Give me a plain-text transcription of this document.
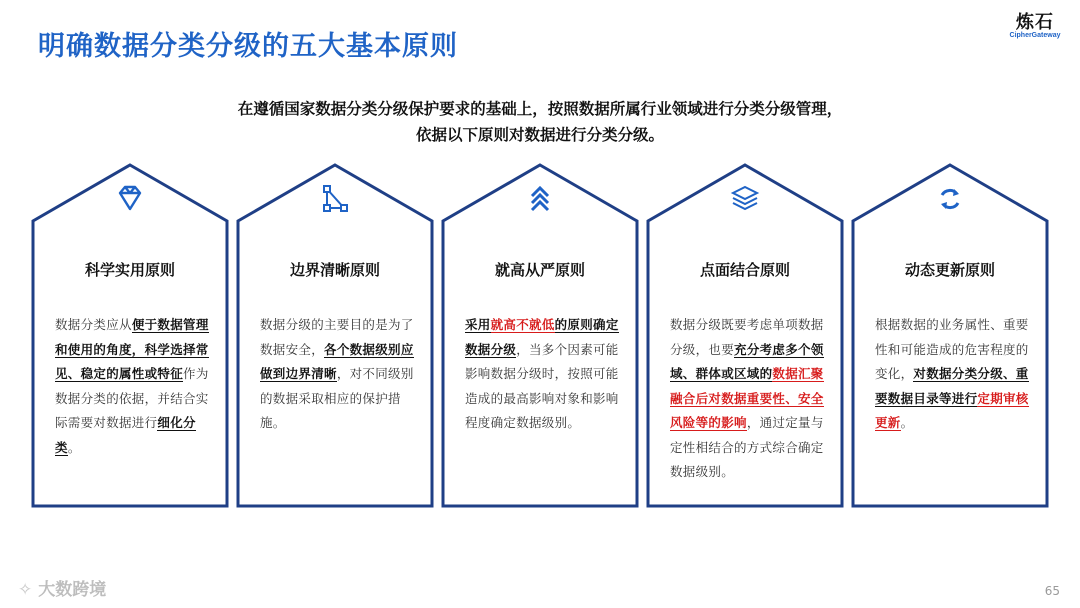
明确数据分类分级的五大基本原则
炼石
CipherGateway
在遵循国家数据分类分级保护要求的基础上，按照数据所属行业领域进行分类分级管理，
依据以下原则对数据进行分类分级。
科学实用原则
数据分类应从便于数据管理和使用的角度，科学选择常见、稳定的属性或特征作为数据分类的依据，并结合实际需要对数据进行细化分类。
边界清晰原则
数据分级的主要目的是为了数据安全，各个数据级别应做到边界清晰，对不同级别的数据采取相应的保护措施。
就高从严原则
采用就高不就低的原则确定数据分级，当多个因素可能影响数据分级时，按照可能造成的最高影响对象和影响程度确定数据级别。
点面结合原则
数据分级既要考虑单项数据分级，也要充分考虑多个领域、群体或区域的数据汇聚融合后对数据重要性、安全风险等的影响，通过定量与定性相结合的方式综合确定数据级别。
动态更新原则
根据数据的业务属性、重要性和可能造成的危害程度的变化，对数据分类分级、重要数据目录等进行定期审核更新。
✧ 大数跨境	65
